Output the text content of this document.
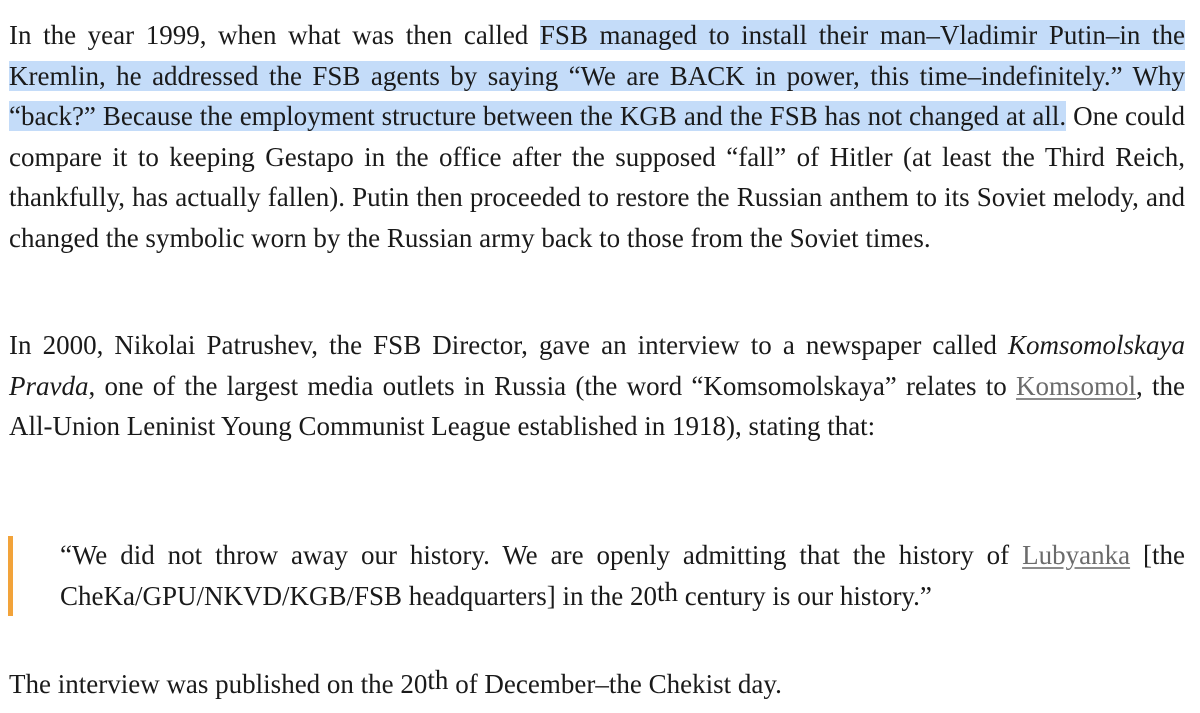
In the year 1999, when what was then called FSB managed to install their man–Vladimir Putin–in the Kremlin, he addressed the FSB agents by saying “We are BACK in power, this time–indefinitely.” Why “back?” Because the employment structure between the KGB and the FSB has not changed at all. One could compare it to keeping Gestapo in the office after the supposed “fall” of Hitler (at least the Third Reich, thankfully, has actually fallen). Putin then proceeded to restore the Russian anthem to its Soviet melody, and changed the symbolic worn by the Russian army back to those from the Soviet times.

In 2000, Nikolai Patrushev, the FSB Director, gave an interview to a newspaper called Komsomolskaya Pravda, one of the largest media outlets in Russia (the word “Komsomolskaya” relates to Komsomol, the All-Union Leninist Young Communist League established in 1918), stating that:

“We did not throw away our history. We are openly admitting that the history of Lubyanka [the CheKa/GPU/NKVD/KGB/FSB headquarters] in the 20th century is our history.”

The interview was published on the 20th of December–the Chekist day.
